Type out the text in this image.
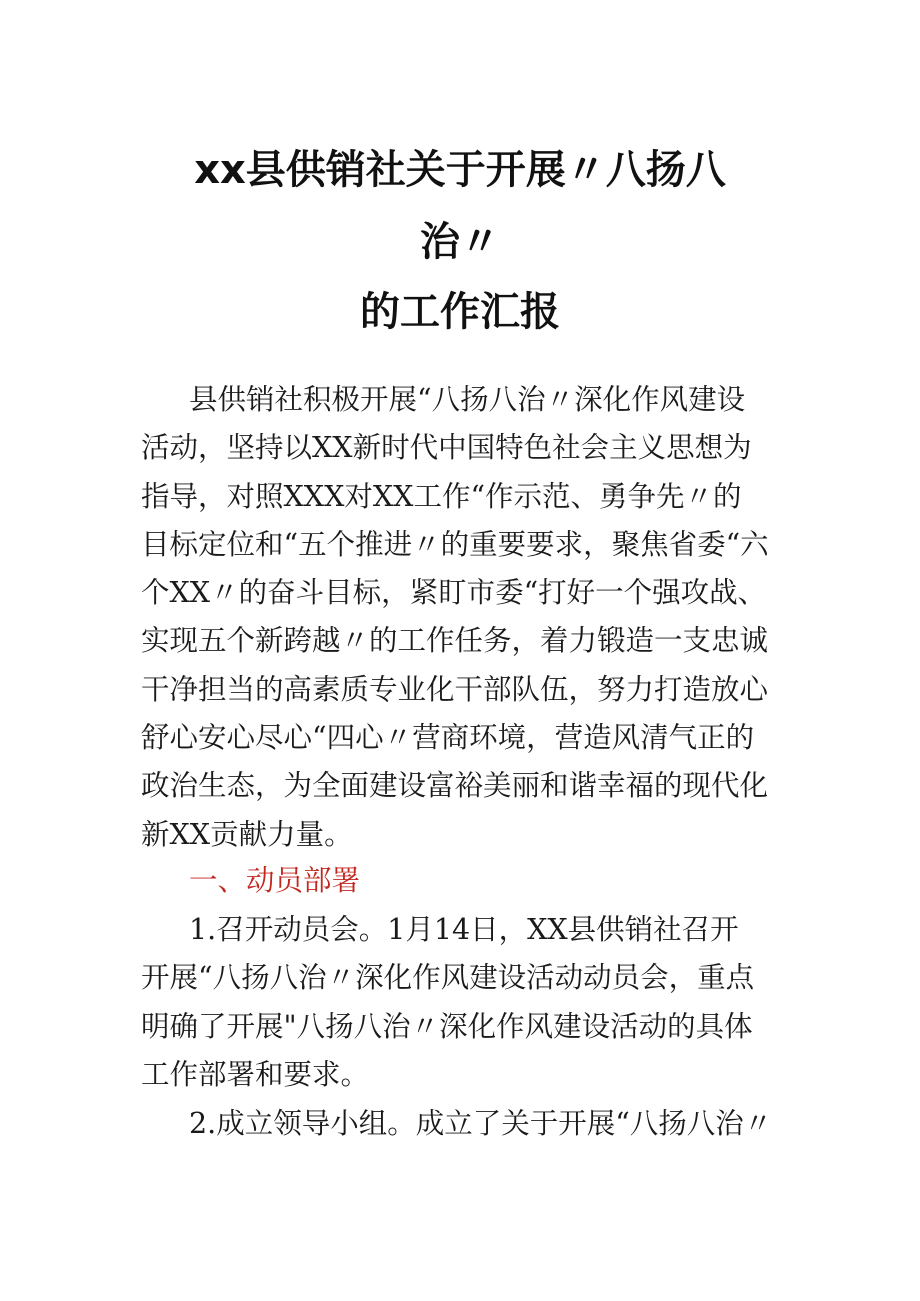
xx县供销社关于开展〃八扬八
治〃
的工作汇报
县供销社积极开展“八扬八治〃深化作风建设
活动，坚持以XX新时代中国特色社会主义思想为
指导，对照XXX对XX工作“作示范、勇争先〃的
目标定位和“五个推进〃的重要要求，聚焦省委“六
个XX〃的奋斗目标，紧盯市委“打好一个强攻战、
实现五个新跨越〃的工作任务，着力锻造一支忠诚
干净担当的高素质专业化干部队伍，努力打造放心
舒心安心尽心“四心〃营商环境，营造风清气正的
政治生态，为全面建设富裕美丽和谐幸福的现代化
新XX贡献力量。
一、动员部署
1.召开动员会。1月14日，XX县供销社召开
开展“八扬八治〃深化作风建设活动动员会，重点
明确了开展"八扬八治〃深化作风建设活动的具体
工作部署和要求。
2.成立领导小组。成立了关于开展“八扬八治〃
